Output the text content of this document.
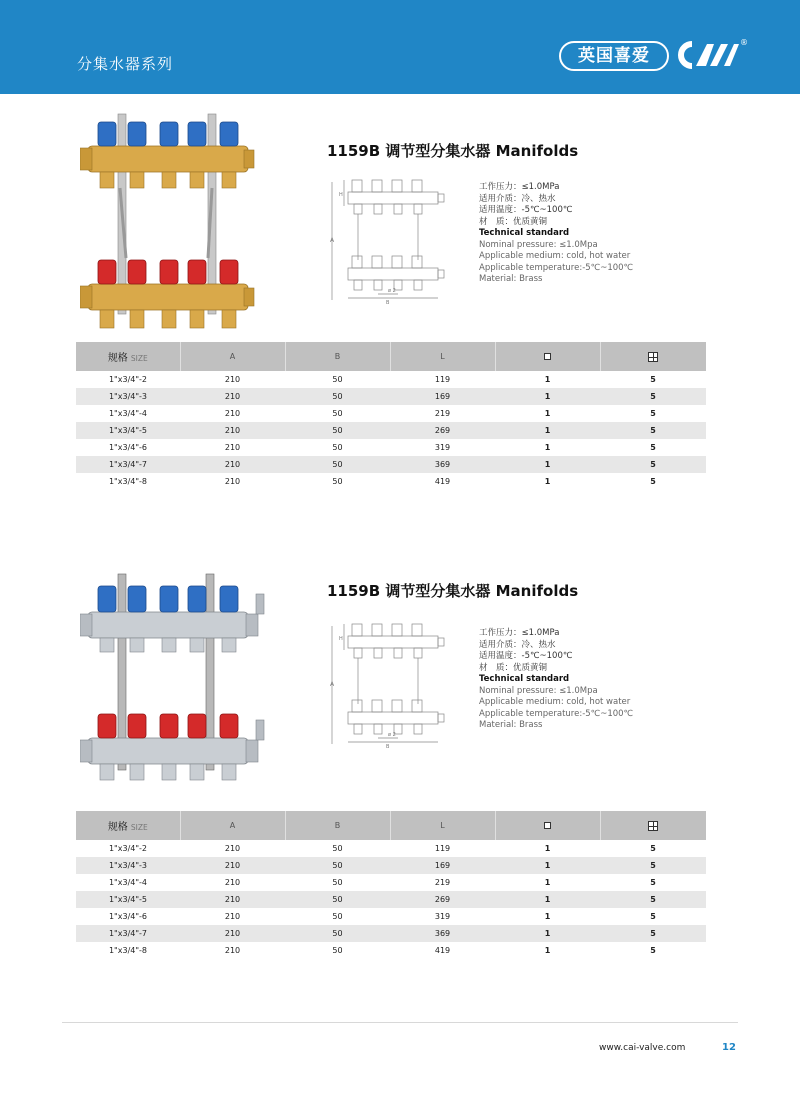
分集水器系列	英国喜爱
®
1159B 调节型分集水器 Manifolds
A
H
B
ø 2
工作压力：≤1.0MPa
适用介质：冷、热水
适用温度：-5℃~100℃
材　质：优质黄铜
Technical standard
Nominal pressure: ≤1.0Mpa
Applicable medium: cold, hot water
Applicable temperature:-5℃~100℃
Material: Brass
规格 SIZE	A	B	L		
1"x3/4"-2	210	50	119	1	5
1"x3/4"-3	210	50	169	1	5
1"x3/4"-4	210	50	219	1	5
1"x3/4"-5	210	50	269	1	5
1"x3/4"-6	210	50	319	1	5
1"x3/4"-7	210	50	369	1	5
1"x3/4"-8	210	50	419	1	5
1159B 调节型分集水器 Manifolds
A
H
B
ø 2
工作压力：≤1.0MPa
适用介质：冷、热水
适用温度：-5℃~100℃
材　质：优质黄铜
Technical standard
Nominal pressure: ≤1.0Mpa
Applicable medium: cold, hot water
Applicable temperature:-5℃~100℃
Material: Brass
规格 SIZE	A	B	L		
1"x3/4"-2	210	50	119	1	5
1"x3/4"-3	210	50	169	1	5
1"x3/4"-4	210	50	219	1	5
1"x3/4"-5	210	50	269	1	5
1"x3/4"-6	210	50	319	1	5
1"x3/4"-7	210	50	369	1	5
1"x3/4"-8	210	50	419	1	5
www.cai-valve.com	12
